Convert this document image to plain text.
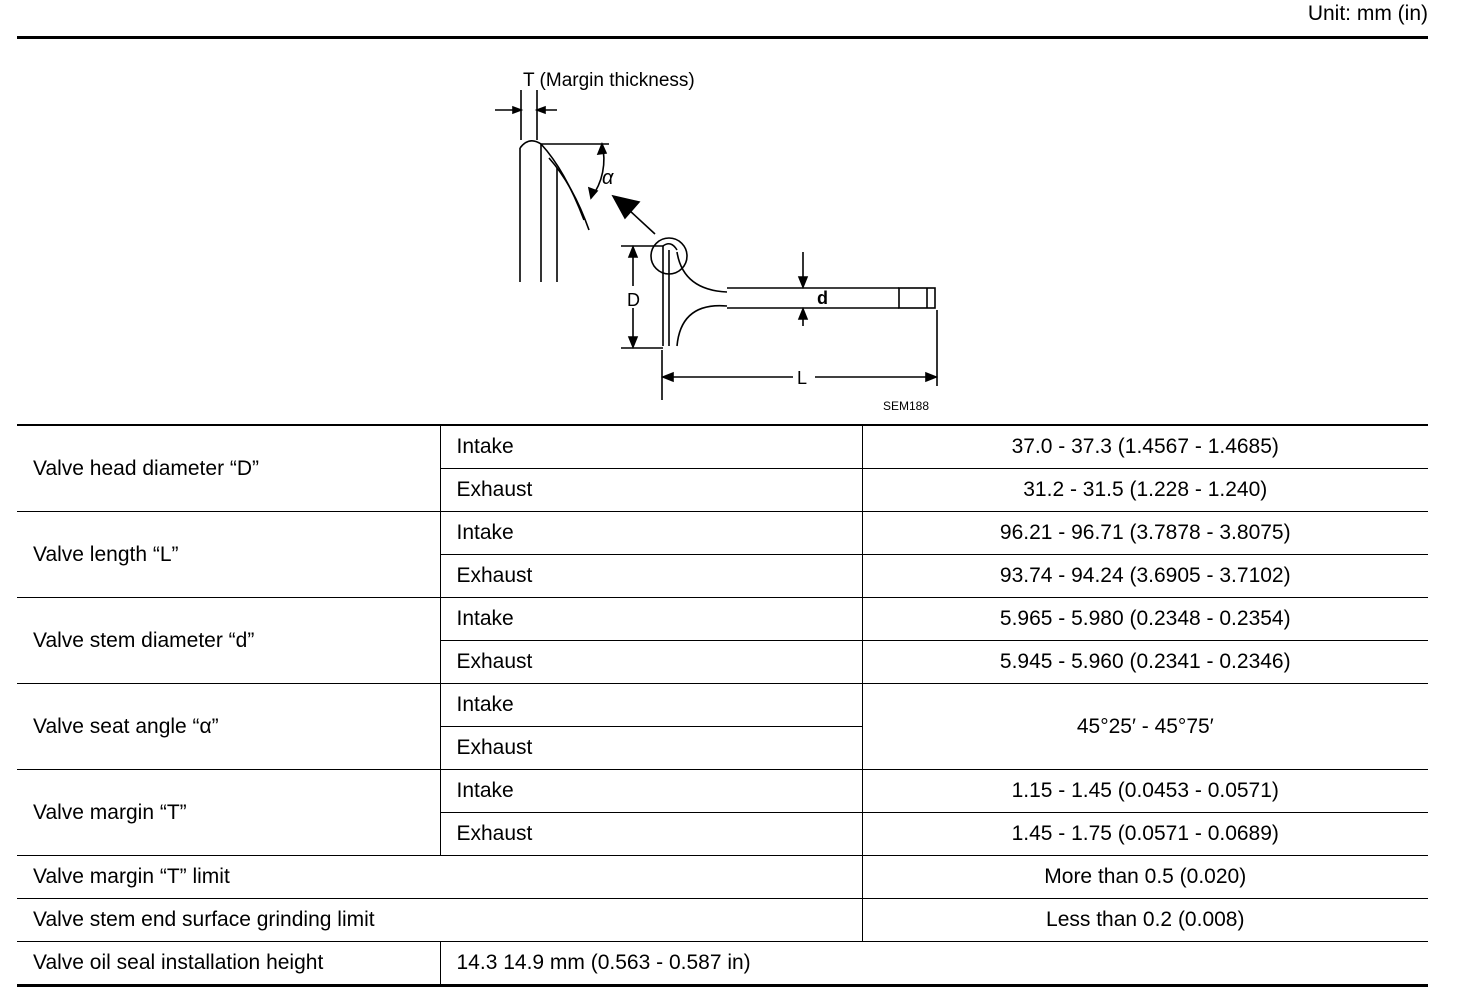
Unit: mm (in)
T (Margin thickness)
α
D	d
L
SEM188
Valve head diameter “D”	Intake	37.0 - 37.3 (1.4567 - 1.4685)
	Exhaust	31.2 - 31.5 (1.228 - 1.240)
Valve length “L”	Intake	96.21 - 96.71 (3.7878 - 3.8075)
	Exhaust	93.74 - 94.24 (3.6905 - 3.7102)
Valve stem diameter “d”	Intake	5.965 - 5.980 (0.2348 - 0.2354)
	Exhaust	5.945 - 5.960 (0.2341 - 0.2346)
Valve seat angle “α”	Intake	45°25′ - 45°75′
	Exhaust	
Valve margin “T”	Intake	1.15 - 1.45 (0.0453 - 0.0571)
	Exhaust	1.45 - 1.75 (0.0571 - 0.0689)
Valve margin “T” limit		More than 0.5 (0.020)
Valve stem end surface grinding limit		Less than 0.2 (0.008)
Valve oil seal installation height	14.3 14.9 mm (0.563 - 0.587 in)	
